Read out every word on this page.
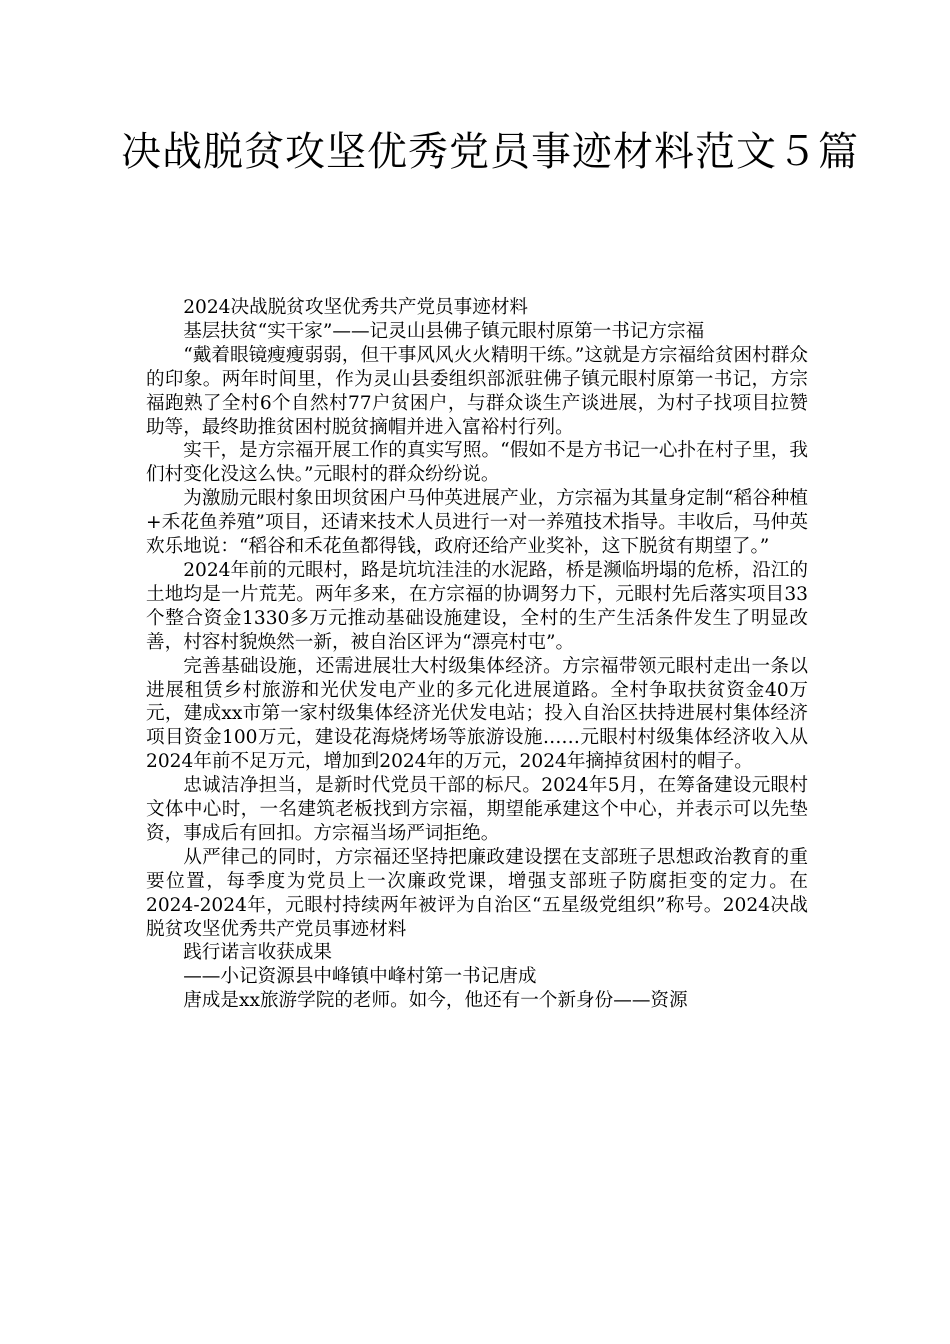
决战脱贫攻坚优秀党员事迹材料范文５篇

2024决战脱贫攻坚优秀共产党员事迹材料

基层扶贫“实干家”——记灵山县佛子镇元眼村原第一书记方宗福

“戴着眼镜瘦瘦弱弱，但干事风风火火精明干练。”这就是方宗福给贫困村群众的印象。两年时间里，作为灵山县委组织部派驻佛子镇元眼村原第一书记，方宗福跑熟了全村6个自然村77户贫困户，与群众谈生产谈进展，为村子找项目拉赞助等，最终助推贫困村脱贫摘帽并进入富裕村行列。

实干，是方宗福开展工作的真实写照。“假如不是方书记一心扑在村子里，我们村变化没这么快。”元眼村的群众纷纷说。

为激励元眼村象田坝贫困户马仲英进展产业，方宗福为其量身定制“稻谷种植+禾花鱼养殖”项目，还请来技术人员进行一对一养殖技术指导。丰收后，马仲英欢乐地说：“稻谷和禾花鱼都得钱，政府还给产业奖补，这下脱贫有期望了。”

2024年前的元眼村，路是坑坑洼洼的水泥路，桥是濒临坍塌的危桥，沿江的土地均是一片荒芜。两年多来，在方宗福的协调努力下，元眼村先后落实项目33个整合资金1330多万元推动基础设施建设，全村的生产生活条件发生了明显改善，村容村貌焕然一新，被自治区评为“漂亮村屯”。

完善基础设施，还需进展壮大村级集体经济。方宗福带领元眼村走出一条以进展租赁乡村旅游和光伏发电产业的多元化进展道路。全村争取扶贫资金40万元，建成xx市第一家村级集体经济光伏发电站；投入自治区扶持进展村集体经济项目资金100万元，建设花海烧烤场等旅游设施……元眼村村级集体经济收入从2024年前不足万元，增加到2024年的万元，2024年摘掉贫困村的帽子。

忠诚洁净担当，是新时代党员干部的标尺。2024年5月，在筹备建设元眼村文体中心时，一名建筑老板找到方宗福，期望能承建这个中心，并表示可以先垫资，事成后有回扣。方宗福当场严词拒绝。

从严律己的同时，方宗福还坚持把廉政建设摆在支部班子思想政治教育的重要位置，每季度为党员上一次廉政党课，增强支部班子防腐拒变的定力。在2024-2024年，元眼村持续两年被评为自治区“五星级党组织”称号。2024决战脱贫攻坚优秀共产党员事迹材料

践行诺言收获成果

——小记资源县中峰镇中峰村第一书记唐成

唐成是xx旅游学院的老师。如今，他还有一个新身份——资源
